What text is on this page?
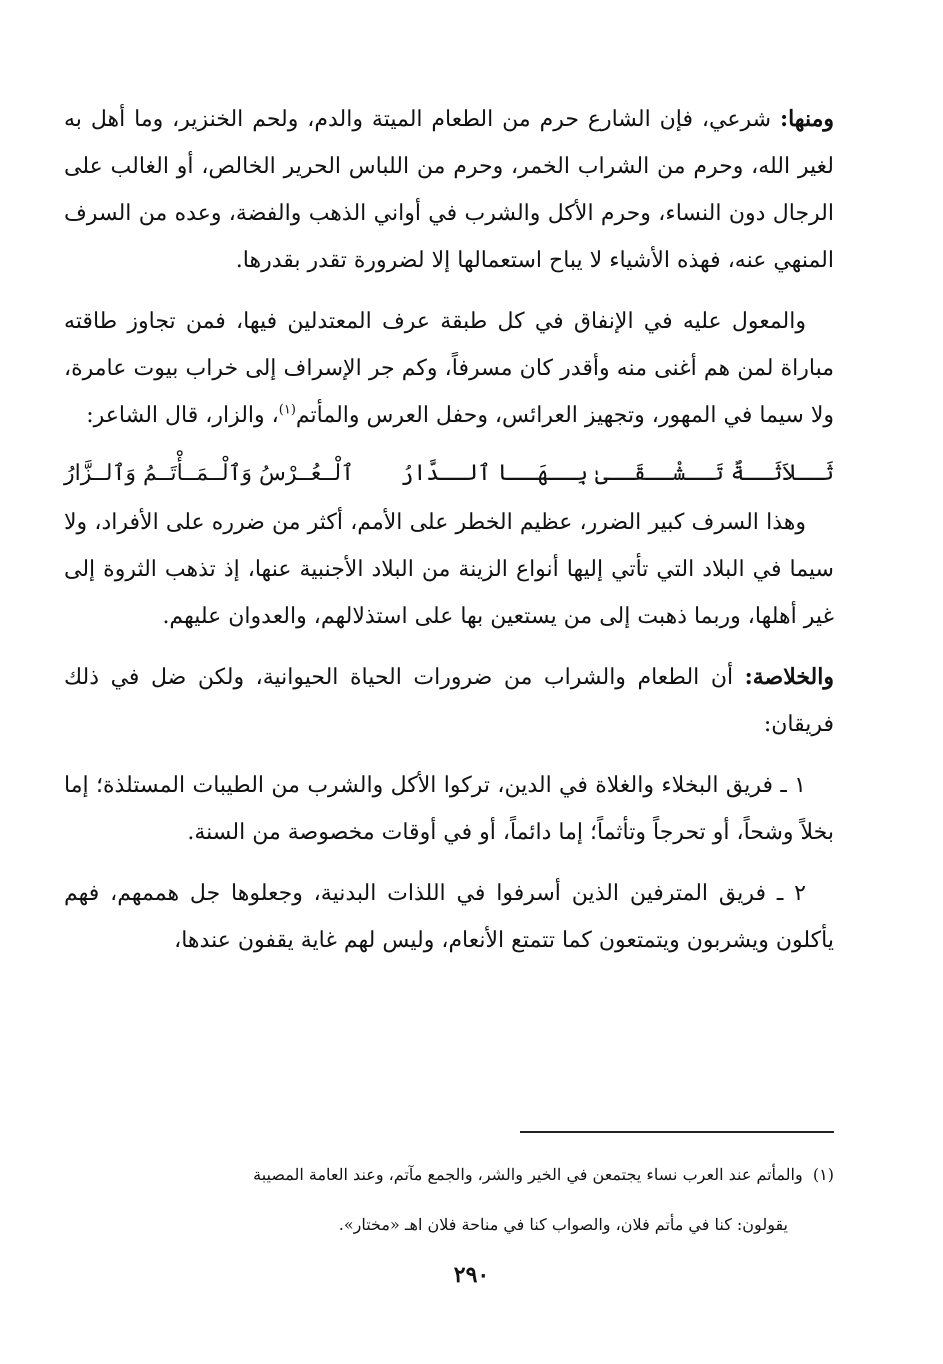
ومنها: شرعي، فإن الشارع حرم من الطعام الميتة والدم، ولحم الخنزير، وما أهل به لغير الله، وحرم من الشراب الخمر، وحرم من اللباس الحرير الخالص، أو الغالب على الرجال دون النساء، وحرم الأكل والشرب في أواني الذهب والفضة، وعده من السرف المنهي عنه، فهذه الأشياء لا يباح استعمالها إلا لضرورة تقدر بقدرها.

والمعول عليه في الإنفاق في كل طبقة عرف المعتدلين فيها، فمن تجاوز طاقته مباراة لمن هم أغنى منه وأقدر كان مسرفاً، وكم جر الإسراف إلى خراب بيوت عامرة، ولا سيما في المهور، وتجهيز العرائس، وحفل العرس والمأتم$^{(١)}$، والزار، قال الشاعر:

ثَــلاَثَــةٌ تَــشْــقَــىٰ بِــهَــا ٱلــدَّارُ
ٱلْــعُــرْسُ وَٱلْــمَــأْتَــمُ وَٱلــزَّارُ

وهذا السرف كبير الضرر، عظيم الخطر على الأمم، أكثر من ضرره على الأفراد، ولا سيما في البلاد التي تأتي إليها أنواع الزينة من البلاد الأجنبية عنها، إذ تذهب الثروة إلى غير أهلها، وربما ذهبت إلى من يستعين بها على استذلالهم، والعدوان عليهم.

والخلاصة: أن الطعام والشراب من ضرورات الحياة الحيوانية، ولكن ضل في ذلك فريقان:

١ ـ فريق البخلاء والغلاة في الدين، تركوا الأكل والشرب من الطيبات المستلذة؛ إما بخلاً وشحاً، أو تحرجاً وتأثماً؛ إما دائماً، أو في أوقات مخصوصة من السنة.

٢ ـ فريق المترفين الذين أسرفوا في اللذات البدنية، وجعلوها جل هممهم، فهم يأكلون ويشربون ويتمتعون كما تتمتع الأنعام، وليس لهم غاية يقفون عندها،

(١)  والمأتم عند العرب نساء يجتمعن في الخير والشر، والجمع مآتم، وعند العامة المصيبة

يقولون: كنا في مأتم فلان، والصواب كنا في مناحة فلان اهـ «مختار».

٢٩٠
